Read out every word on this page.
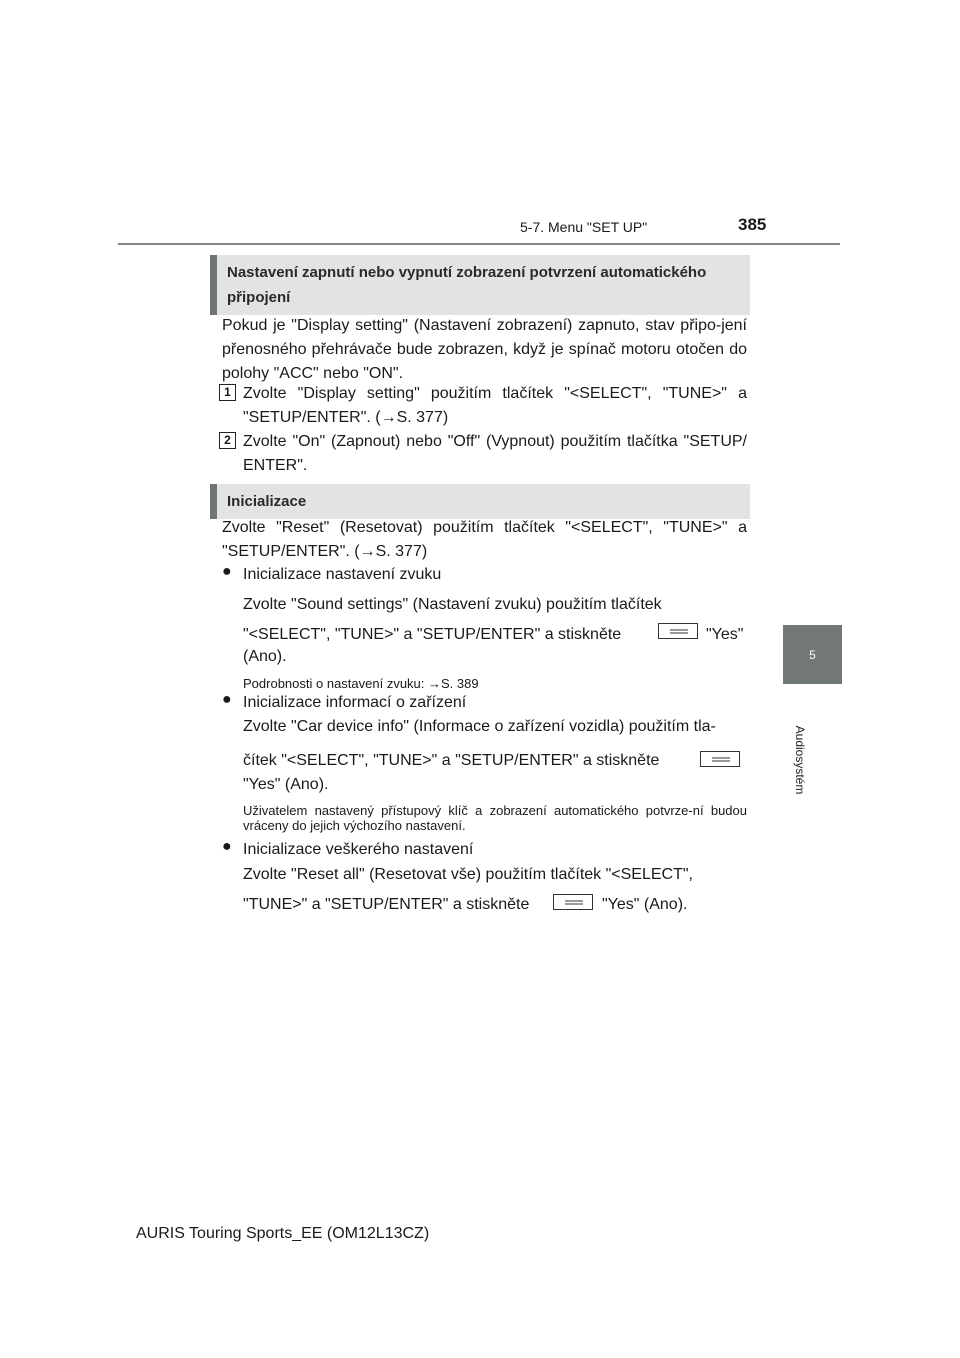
5-7. Menu "SET UP"	385
5
Audiosystém
Nastavení zapnutí nebo vypnutí zobrazení potvrzení automatického připojení
Pokud je "Display setting" (Nastavení zobrazení) zapnuto, stav připo-jení přenosného přehrávače bude zobrazen, když je spínač motoru otočen do polohy "ACC" nebo "ON".
1 Zvolte "Display setting" použitím tlačítek "<SELECT", "TUNE>" a "SETUP/ENTER". (→S. 377)
2 Zvolte "On" (Zapnout) nebo "Off" (Vypnout) použitím tlačítka "SETUP/ ENTER".
Inicializace
Zvolte "Reset" (Resetovat) použitím tlačítek "<SELECT", "TUNE>" a "SETUP/ENTER". (→S. 377)
● Inicializace nastavení zvuku
Zvolte "Sound settings" (Nastavení zvuku) použitím tlačítek
"<SELECT", "TUNE>" a "SETUP/ENTER" a stiskněte	"Yes"
(Ano).
Podrobnosti o nastavení zvuku: →S. 389
● Inicializace informací o zařízení
Zvolte "Car device info" (Informace o zařízení vozidla) použitím tla-
čítek "<SELECT", "TUNE>" a "SETUP/ENTER" a stiskněte
"Yes" (Ano).
Uživatelem nastavený přístupový klíč a zobrazení automatického potvrze-ní budou vráceny do jejich výchozího nastavení.
● Inicializace veškerého nastavení
Zvolte "Reset all" (Resetovat vše) použitím tlačítek "<SELECT",
"TUNE>" a "SETUP/ENTER" a stiskněte	"Yes" (Ano).
AURIS Touring Sports_EE (OM12L13CZ)
